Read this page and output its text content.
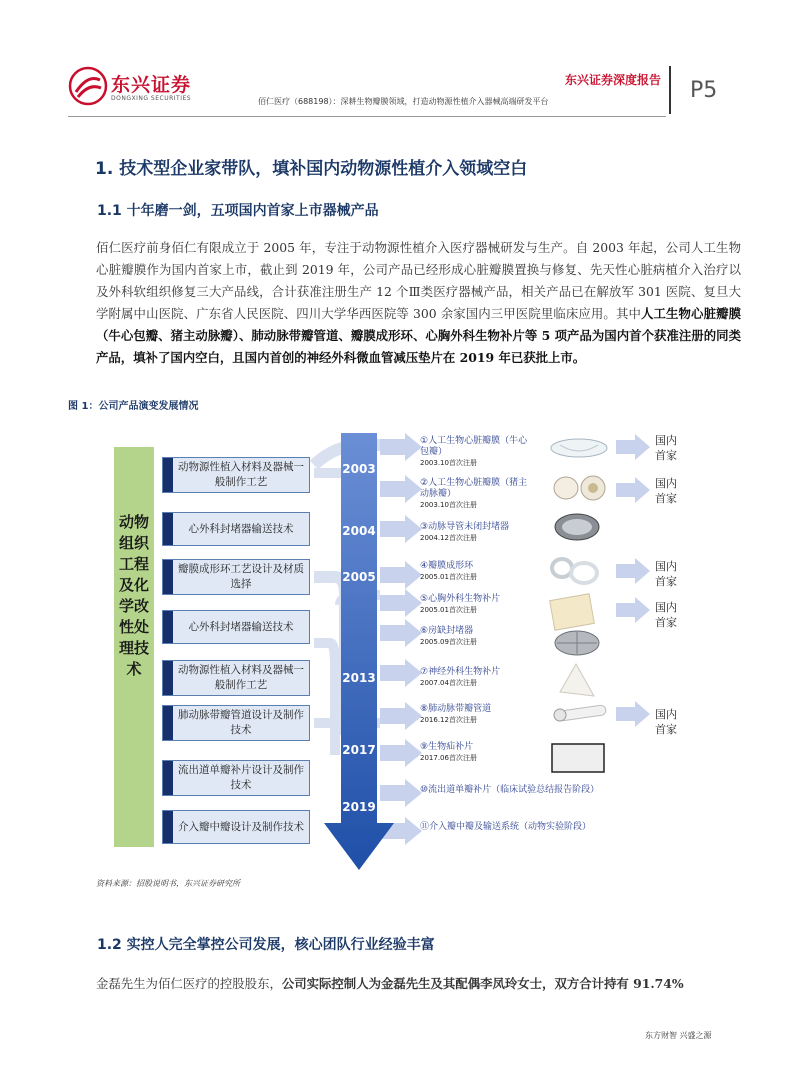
东兴证券
DONGXING SECURITIES
东兴证券深度报告
佰仁医疗（688198）：深耕生物瓣膜领域，打造动物源性植介入器械高端研发平台	P5
1. 技术型企业家带队，填补国内动物源性植介入领域空白
1.1 十年磨一剑，五项国内首家上市器械产品
佰仁医疗前身佰仁有限成立于 2005 年，专注于动物源性植介入医疗器械研发与生产。自 2003 年起，公司人工生物心脏瓣膜作为国内首家上市，截止到 2019 年，公司产品已经形成心脏瓣膜置换与修复、先天性心脏病植介入治疗以及外科软组织修复三大产品线，合计获准注册生产 12 个Ⅲ类医疗器械产品，相关产品已在解放军 301 医院、复旦大学附属中山医院、广东省人民医院、四川大学华西医院等 300 余家国内三甲医院里临床应用。其中人工生物心脏瓣膜（牛心包瓣、猪主动脉瓣）、肺动脉带瓣管道、瓣膜成形环、心胸外科生物补片等 5 项产品为国内首个获准注册的同类产品，填补了国内空白，且国内首创的神经外科微血管减压垫片在 2019 年已获批上市。
图 1：公司产品演变发展情况
动物组织工程及化学改性处理技术
2003
2004
2005
2013
2017
2019
动物源性植入材料及器械一般制作工艺
心外科封堵器输送技术
瓣膜成形环工艺设计及材质选择
心外科封堵器输送技术
动物源性植入材料及器械一般制作工艺
肺动脉带瓣管道设计及制作技术
流出道单瓣补片设计及制作技术
介入瓣中瓣设计及制作技术
①人工生物心脏瓣膜（牛心包瓣）
2003.10首次注册
②人工生物心脏瓣膜（猪主动脉瓣）
2003.10首次注册
③动脉导管未闭封堵器
2004.12首次注册
④瓣膜成形环
2005.01首次注册
⑤心胸外科生物补片
2005.01首次注册
⑥房缺封堵器
2005.09首次注册
⑦神经外科生物补片
2007.04首次注册
⑧肺动脉带瓣管道
2016.12首次注册
⑨生物疝补片
2017.06首次注册
⑩流出道单瓣补片（临床试验总结报告阶段）
⑪介入瓣中瓣及输送系统（动物实验阶段）
国内首家
国内首家
国内首家
国内首家
国内首家
资料来源：招股说明书，东兴证券研究所
1.2 实控人完全掌控公司发展，核心团队行业经验丰富
金磊先生为佰仁医疗的控股股东，公司实际控制人为金磊先生及其配偶李凤玲女士，双方合计持有 91.74%
东方财智 兴盛之源
